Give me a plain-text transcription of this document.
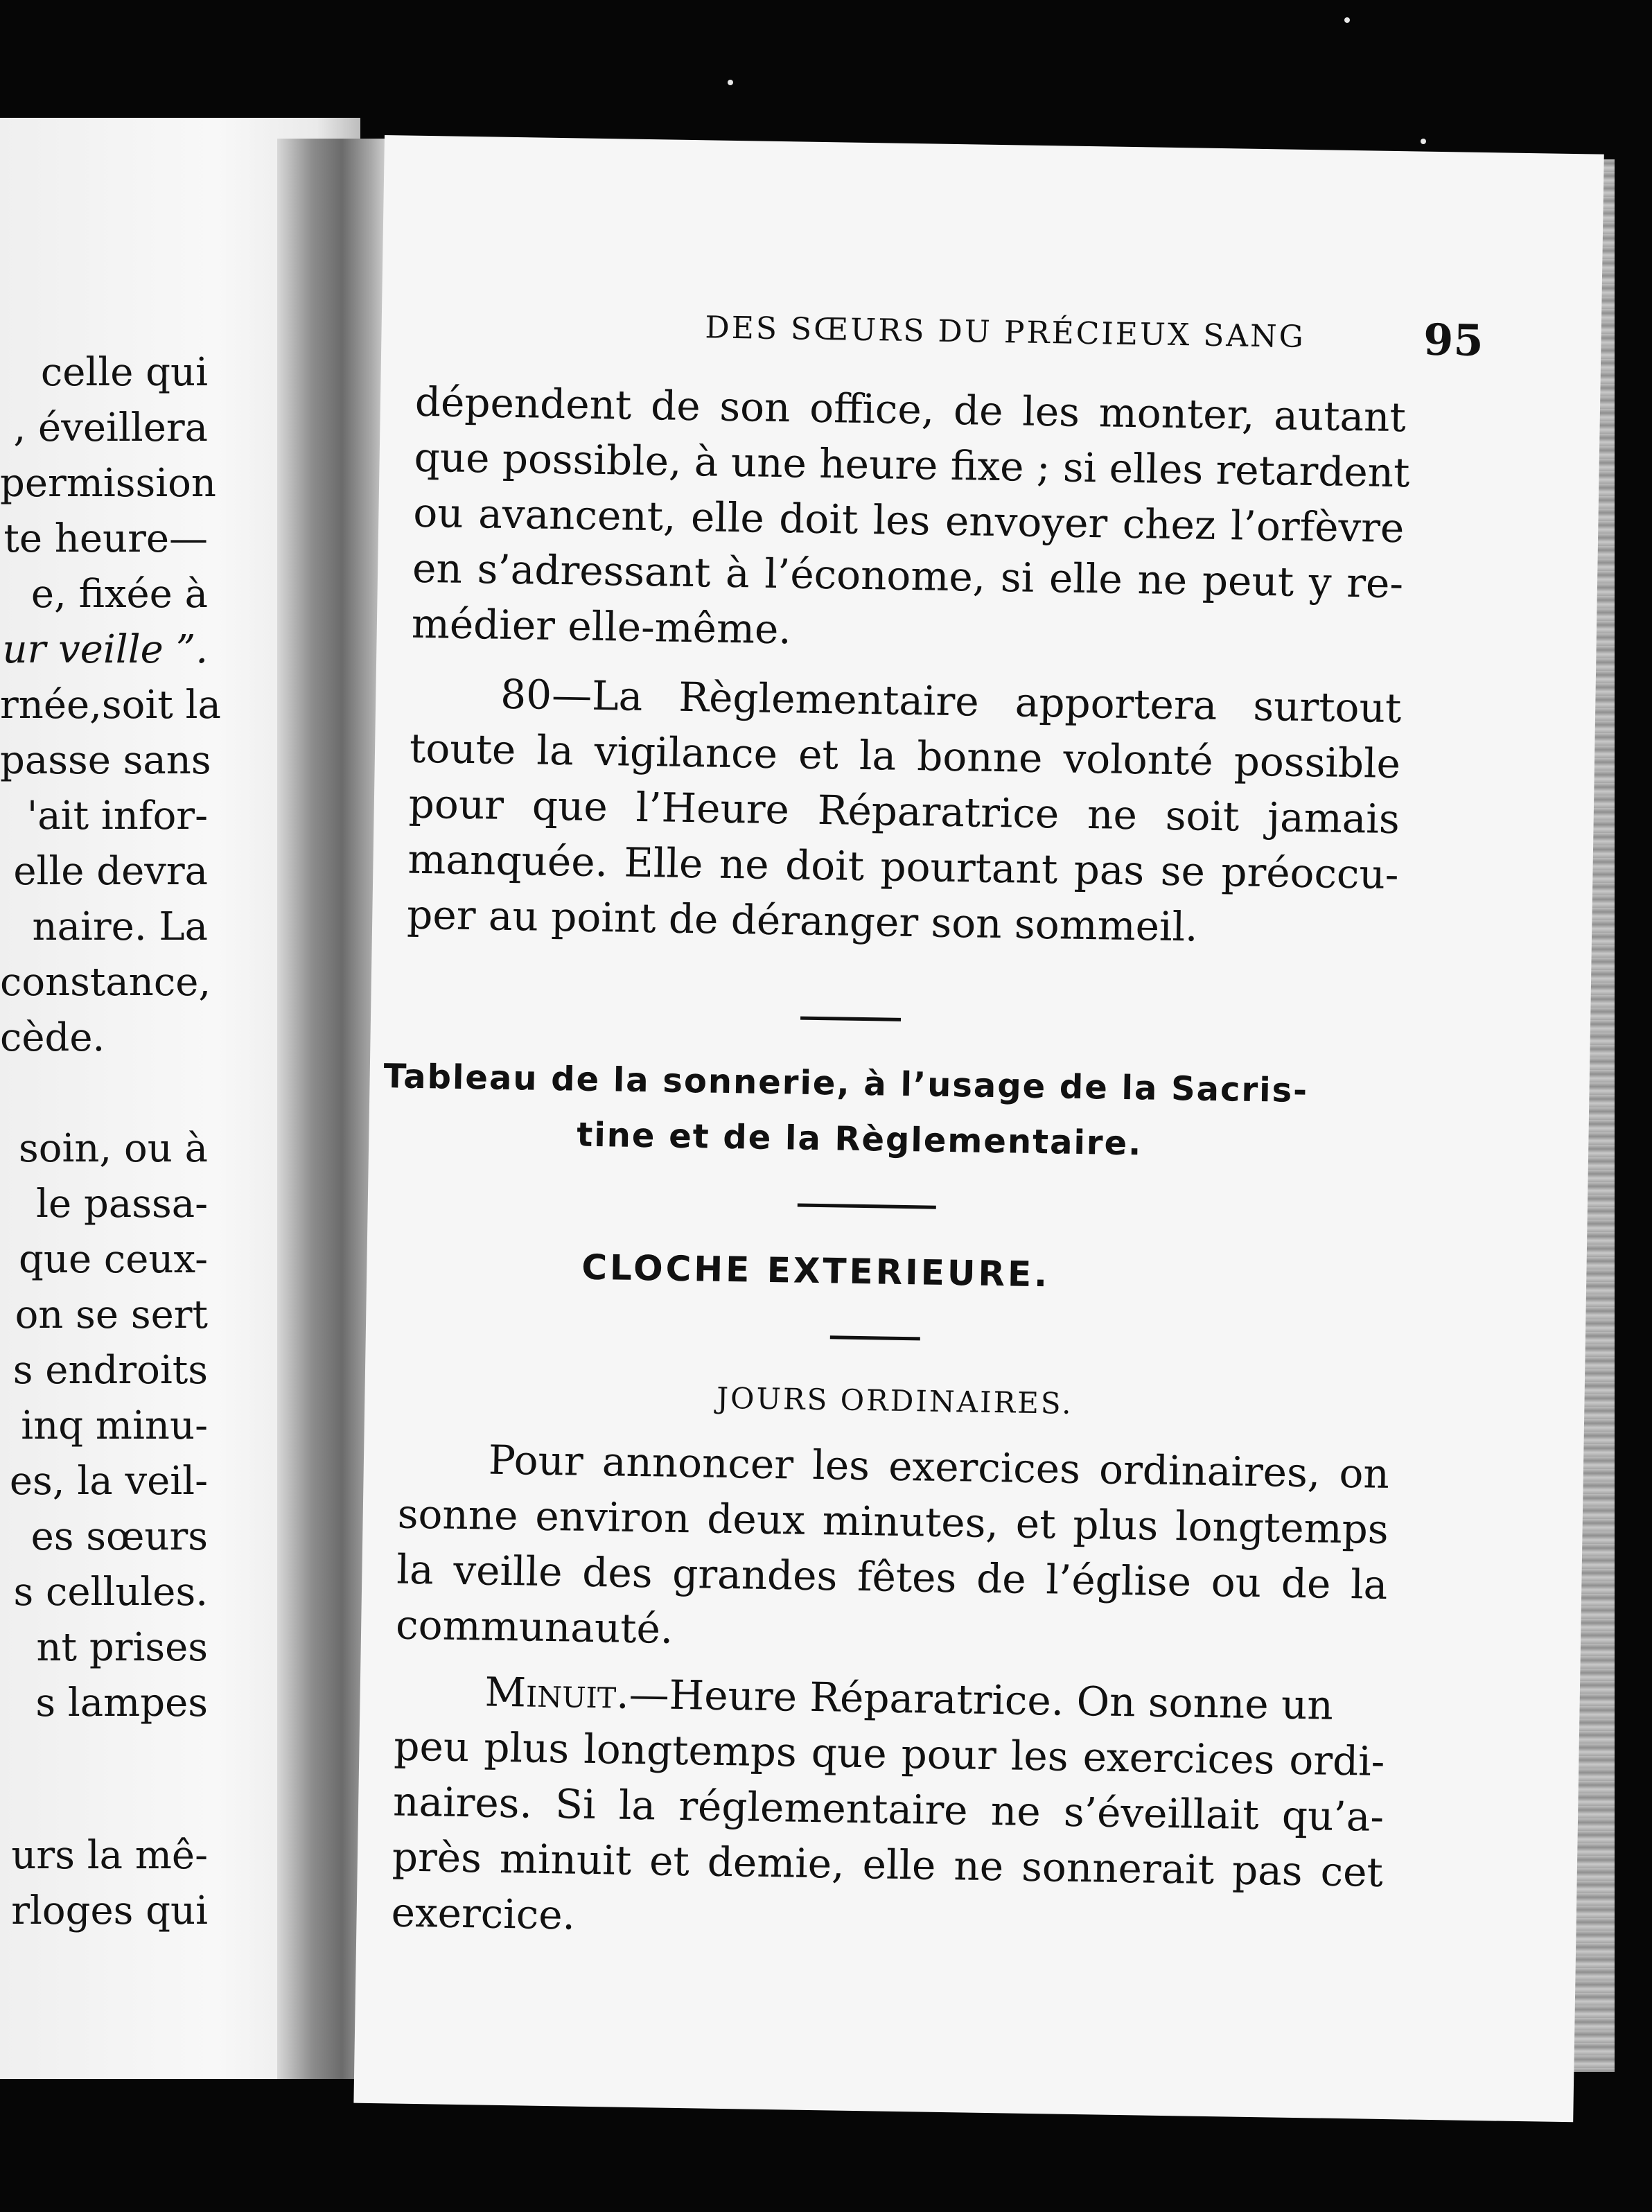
celle qui
, éveillera
permission
te heure—
e, fixée à
ur veille ”.
rnée,soit la
passe sans
'ait infor-
elle devra
naire. La
constance,
cède.
soin, ou à
le passa-
que ceux-
on se sert
s endroits
inq minu-
es, la veil-
es sœurs
s cellules.
nt prises
s lampes
urs la mê-
rloges qui
DES SŒURS DU PRÉCIEUX SANG	95
dépendent de son office, de les monter, autant
que possible, à une heure fixe ; si elles retardent
ou avancent, elle doit les envoyer chez l’orfèvre
en s’adressant à l’économe, si elle ne peut y re-
médier elle-même.
80—La Règlementaire apportera surtout
toute la vigilance et la bonne volonté possible
pour que l’Heure Réparatrice ne soit jamais
manquée. Elle ne doit pourtant pas se préoccu-
per au point de déranger son sommeil.
Tableau de la sonnerie, à l’usage de la Sacris-
tine et de la Règlementaire.
CLOCHE EXTERIEURE.
JOURS ORDINAIRES.
Pour annoncer les exercices ordinaires, on
sonne environ deux minutes, et plus longtemps
la veille des grandes fêtes de l’église ou de la
communauté.
Minuit.—Heure Réparatrice. On sonne un
peu plus longtemps que pour les exercices ordi-
naires. Si la réglementaire ne s’éveillait qu’a-
près minuit et demie, elle ne sonnerait pas cet
exercice.
